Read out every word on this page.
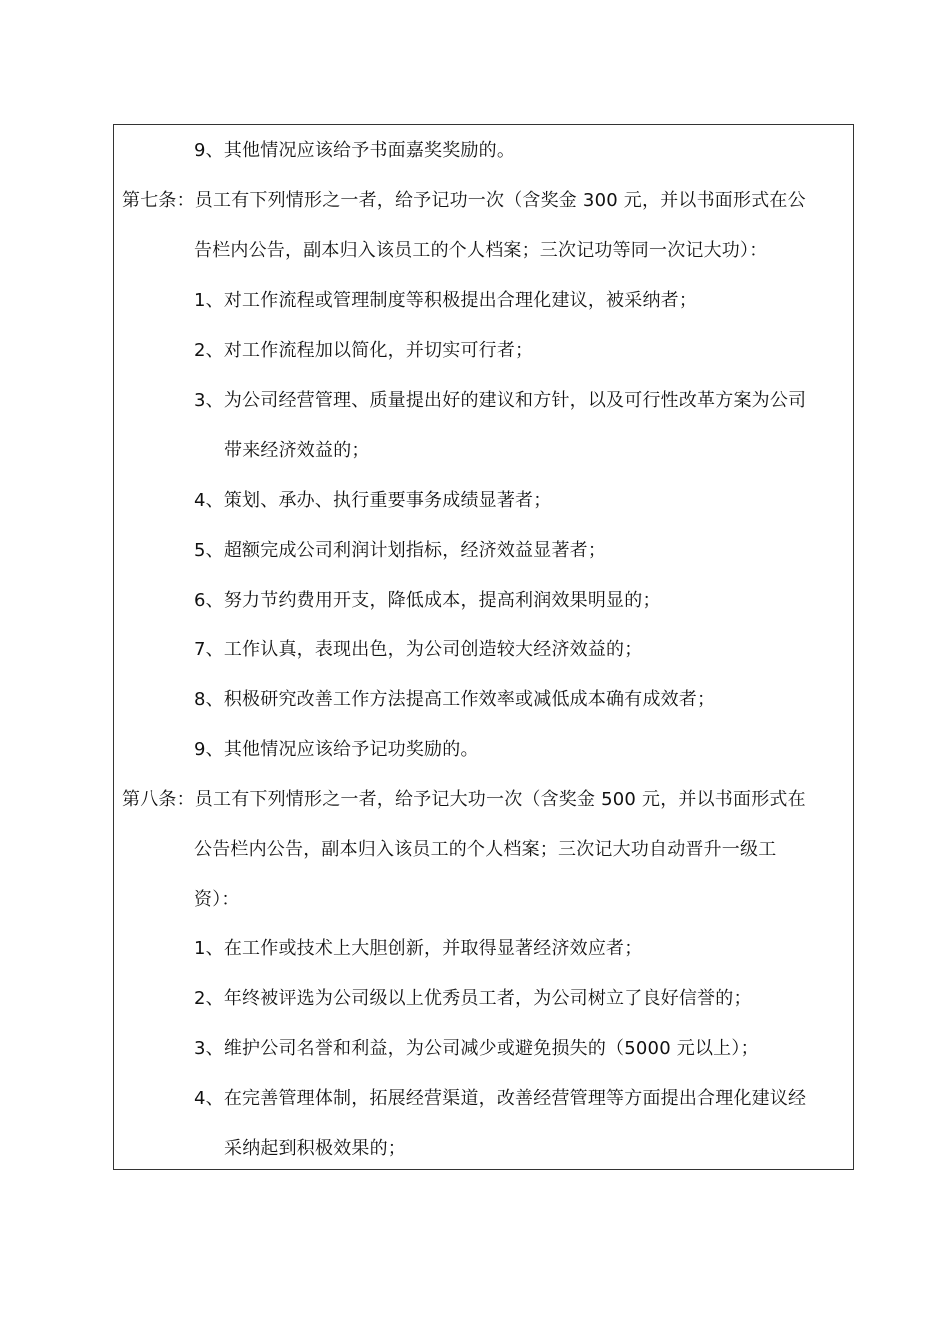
9、其他情况应该给予书面嘉奖奖励的。
第七条：员工有下列情形之一者，给予记功一次（含奖金 300 元，并以书面形式在公
告栏内公告，副本归入该员工的个人档案；三次记功等同一次记大功）：
1、对工作流程或管理制度等积极提出合理化建议，被采纳者；
2、对工作流程加以简化，并切实可行者；
3、为公司经营管理、质量提出好的建议和方针，以及可行性改革方案为公司
带来经济效益的；
4、策划、承办、执行重要事务成绩显著者；
5、超额完成公司利润计划指标，经济效益显著者；
6、努力节约费用开支，降低成本，提高利润效果明显的；
7、工作认真，表现出色，为公司创造较大经济效益的；
8、积极研究改善工作方法提高工作效率或减低成本确有成效者；
9、其他情况应该给予记功奖励的。
第八条：员工有下列情形之一者，给予记大功一次（含奖金 500 元，并以书面形式在
公告栏内公告，副本归入该员工的个人档案；三次记大功自动晋升一级工
资）：
1、在工作或技术上大胆创新，并取得显著经济效应者；
2、年终被评选为公司级以上优秀员工者，为公司树立了良好信誉的；
3、维护公司名誉和利益，为公司减少或避免损失的（5000 元以上）；
4、在完善管理体制，拓展经营渠道，改善经营管理等方面提出合理化建议经
采纳起到积极效果的；
